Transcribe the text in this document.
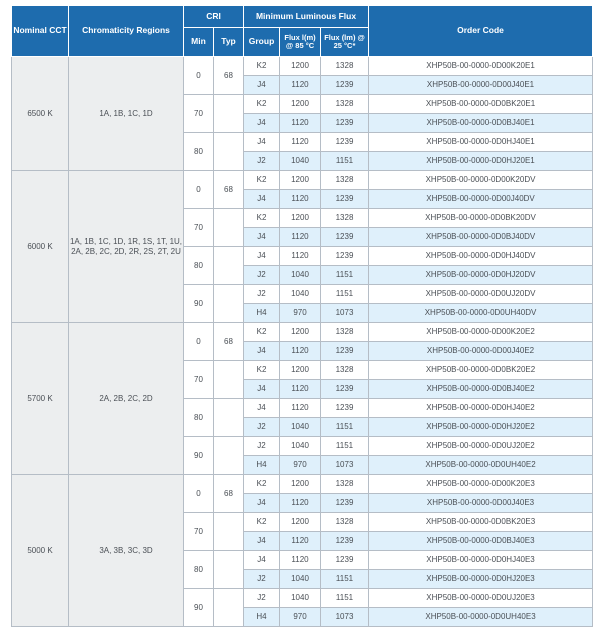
Nominal CCT	Chromaticity Regions	CRI		Minimum Luminous Flux			Order Code
		Min	Typ	Group	Flux l(m) @ 85 °C	Flux (lm) @ 25 °C*	
6500 K	1A, 1B, 1C, 1D	0	68	K2	1200	1328	XHP50B-00-0000-0D00K20E1
				J4	1120	1239	XHP50B-00-0000-0D00J40E1
		70		K2	1200	1328	XHP50B-00-0000-0D0BK20E1
				J4	1120	1239	XHP50B-00-0000-0D0BJ40E1
		80		J4	1120	1239	XHP50B-00-0000-0D0HJ40E1
				J2	1040	1151	XHP50B-00-0000-0D0HJ20E1
6000 K	1A, 1B, 1C, 1D, 1R, 1S, 1T, 1U, 2A, 2B, 2C, 2D, 2R, 2S, 2T, 2U	0	68	K2	1200	1328	XHP50B-00-0000-0D00K20DV
				J4	1120	1239	XHP50B-00-0000-0D00J40DV
		70		K2	1200	1328	XHP50B-00-0000-0D0BK20DV
				J4	1120	1239	XHP50B-00-0000-0D0BJ40DV
		80		J4	1120	1239	XHP50B-00-0000-0D0HJ40DV
				J2	1040	1151	XHP50B-00-0000-0D0HJ20DV
		90		J2	1040	1151	XHP50B-00-0000-0D0UJ20DV
				H4	970	1073	XHP50B-00-0000-0D0UH40DV
5700 K	2A, 2B, 2C, 2D	0	68	K2	1200	1328	XHP50B-00-0000-0D00K20E2
				J4	1120	1239	XHP50B-00-0000-0D00J40E2
		70		K2	1200	1328	XHP50B-00-0000-0D0BK20E2
				J4	1120	1239	XHP50B-00-0000-0D0BJ40E2
		80		J4	1120	1239	XHP50B-00-0000-0D0HJ40E2
				J2	1040	1151	XHP50B-00-0000-0D0HJ20E2
		90		J2	1040	1151	XHP50B-00-0000-0D0UJ20E2
				H4	970	1073	XHP50B-00-0000-0D0UH40E2
5000 K	3A, 3B, 3C, 3D	0	68	K2	1200	1328	XHP50B-00-0000-0D00K20E3
				J4	1120	1239	XHP50B-00-0000-0D00J40E3
		70		K2	1200	1328	XHP50B-00-0000-0D0BK20E3
				J4	1120	1239	XHP50B-00-0000-0D0BJ40E3
		80		J4	1120	1239	XHP50B-00-0000-0D0HJ40E3
				J2	1040	1151	XHP50B-00-0000-0D0HJ20E3
		90		J2	1040	1151	XHP50B-00-0000-0D0UJ20E3
				H4	970	1073	XHP50B-00-0000-0D0UH40E3
